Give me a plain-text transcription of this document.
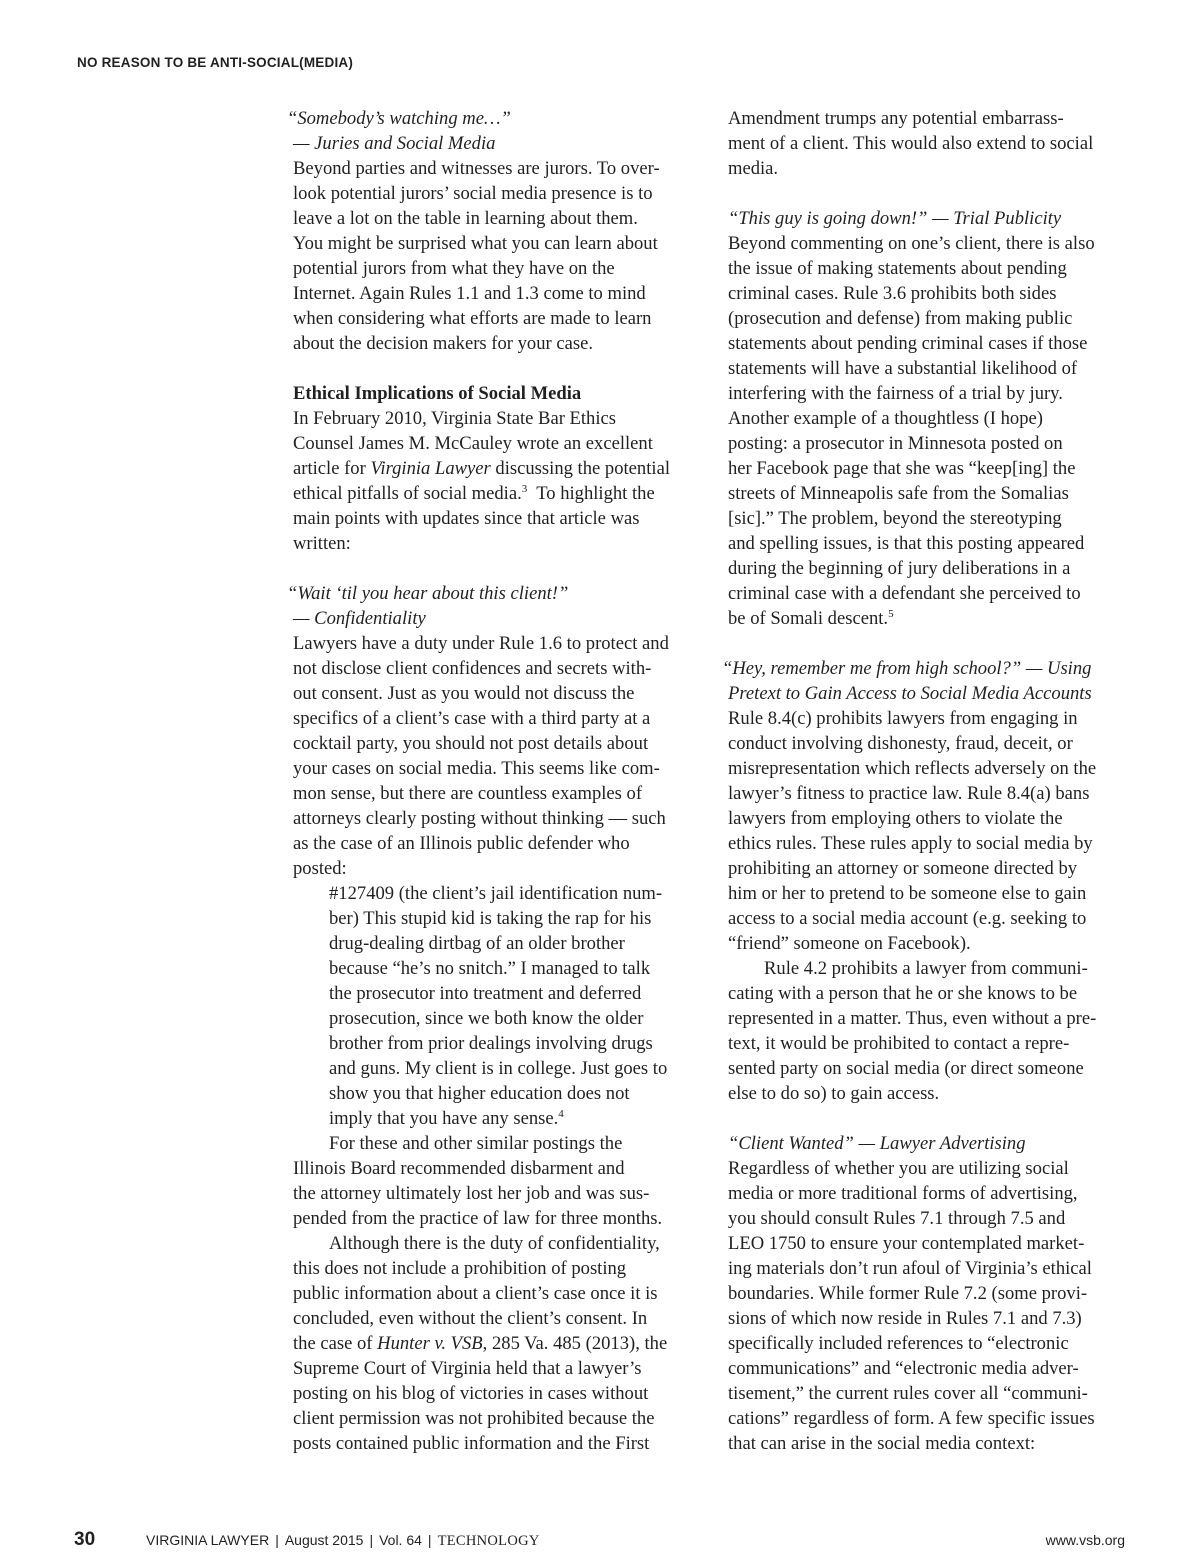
NO REASON TO BE ANTI-SOCIAL(MEDIA)
“Somebody’s watching me…”
— Juries and Social Media
Beyond parties and witnesses are jurors. To over-
look potential jurors’ social media presence is to
leave a lot on the table in learning about them.
You might be surprised what you can learn about
potential jurors from what they have on the
Internet. Again Rules 1.1 and 1.3 come to mind
when considering what efforts are made to learn
about the decision makers for your case.
Ethical Implications of Social Media
In February 2010, Virginia State Bar Ethics
Counsel James M. McCauley wrote an excellent
article for Virginia Lawyer discussing the potential
ethical pitfalls of social media.$^3$  To highlight the
main points with updates since that article was
written:
“Wait ‘til you hear about this client!”
— Confidentiality
Lawyers have a duty under Rule 1.6 to protect and
not disclose client confidences and secrets with-
out consent. Just as you would not discuss the
specifics of a client’s case with a third party at a
cocktail party, you should not post details about
your cases on social media. This seems like com-
mon sense, but there are countless examples of
attorneys clearly posting without thinking — such
as the case of an Illinois public defender who
posted:
#127409 (the client’s jail identification num-
ber) This stupid kid is taking the rap for his
drug-dealing dirtbag of an older brother
because “he’s no snitch.” I managed to talk
the prosecutor into treatment and deferred
prosecution, since we both know the older
brother from prior dealings involving drugs
and guns. My client is in college. Just goes to
show you that higher education does not
imply that you have any sense.$^4$
For these and other similar postings the
Illinois Board recommended disbarment and
the attorney ultimately lost her job and was sus-
pended from the practice of law for three months.
Although there is the duty of confidentiality,
this does not include a prohibition of posting
public information about a client’s case once it is
concluded, even without the client’s consent. In
the case of Hunter v. VSB, 285 Va. 485 (2013), the
Supreme Court of Virginia held that a lawyer’s
posting on his blog of victories in cases without
client permission was not prohibited because the
posts contained public information and the First
Amendment trumps any potential embarrass-
ment of a client. This would also extend to social
media.
“This guy is going down!” — Trial Publicity
Beyond commenting on one’s client, there is also
the issue of making statements about pending
criminal cases. Rule 3.6 prohibits both sides
(prosecution and defense) from making public
statements about pending criminal cases if those
statements will have a substantial likelihood of
interfering with the fairness of a trial by jury.
Another example of a thoughtless (I hope)
posting: a prosecutor in Minnesota posted on
her Facebook page that she was “keep[ing] the
streets of Minneapolis safe from the Somalias
[sic].” The problem, beyond the stereotyping
and spelling issues, is that this posting appeared
during the beginning of jury deliberations in a
criminal case with a defendant she perceived to
be of Somali descent.$^5$
“Hey, remember me from high school?” — Using
Pretext to Gain Access to Social Media Accounts
Rule 8.4(c) prohibits lawyers from engaging in
conduct involving dishonesty, fraud, deceit, or
misrepresentation which reflects adversely on the
lawyer’s fitness to practice law. Rule 8.4(a) bans
lawyers from employing others to violate the
ethics rules. These rules apply to social media by
prohibiting an attorney or someone directed by
him or her to pretend to be someone else to gain
access to a social media account (e.g. seeking to
“friend” someone on Facebook).
Rule 4.2 prohibits a lawyer from communi-
cating with a person that he or she knows to be
represented in a matter. Thus, even without a pre-
text, it would be prohibited to contact a repre-
sented party on social media (or direct someone
else to do so) to gain access.
“Client Wanted” — Lawyer Advertising
Regardless of whether you are utilizing social
media or more traditional forms of advertising,
you should consult Rules 7.1 through 7.5 and
LEO 1750 to ensure your contemplated market-
ing materials don’t run afoul of Virginia’s ethical
boundaries. While former Rule 7.2 (some provi-
sions of which now reside in Rules 7.1 and 7.3)
specifically included references to “electronic
communications” and “electronic media adver-
tisement,” the current rules cover all “communi-
cations” regardless of form. A few specific issues
that can arise in the social media context:
30	VIRGINIA LAWYER | August 2015 | Vol. 64 | TECHNOLOGY	www.vsb.org
